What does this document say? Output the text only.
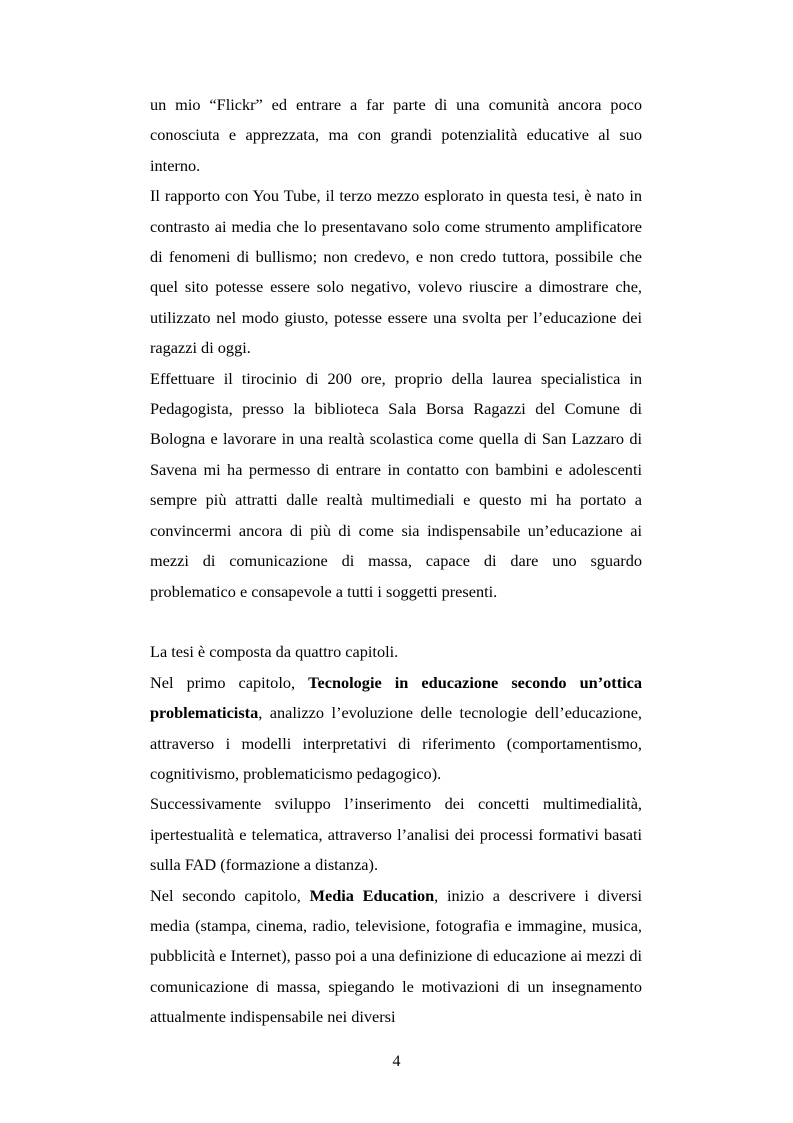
un mio “Flickr” ed entrare a far parte di una comunità ancora poco conosciuta e apprezzata, ma con grandi potenzialità educative al suo interno.

Il rapporto con You Tube, il terzo mezzo esplorato in questa tesi, è nato in contrasto ai media che lo presentavano solo come strumento amplificatore di fenomeni di bullismo; non credevo, e non credo tuttora, possibile che quel sito potesse essere solo negativo, volevo riuscire a dimostrare che, utilizzato nel modo giusto, potesse essere una svolta per l’educazione dei ragazzi di oggi.

Effettuare il tirocinio di 200 ore, proprio della laurea specialistica in Pedagogista, presso la biblioteca Sala Borsa Ragazzi del Comune di Bologna e lavorare in una realtà scolastica come quella di San Lazzaro di Savena mi ha permesso di entrare in contatto con bambini e adolescenti sempre più attratti dalle realtà multimediali e questo mi ha portato a convincermi ancora di più di come sia indispensabile un’educazione ai mezzi di comunicazione di massa, capace di dare uno sguardo problematico e consapevole a tutti i soggetti presenti.

La tesi è composta da quattro capitoli.

Nel primo capitolo, Tecnologie in educazione secondo un’ottica problematicista, analizzo l’evoluzione delle tecnologie dell’educazione, attraverso i modelli interpretativi di riferimento (comportamentismo, cognitivismo, problematicismo pedagogico).

Successivamente sviluppo l’inserimento dei concetti multimedialità, ipertestualità e telematica, attraverso l’analisi dei processi formativi basati sulla FAD (formazione a distanza).

Nel secondo capitolo, Media Education, inizio a descrivere i diversi media (stampa, cinema, radio, televisione, fotografia e immagine, musica, pubblicità e Internet), passo poi a una definizione di educazione ai mezzi di comunicazione di massa, spiegando le motivazioni di un insegnamento attualmente indispensabile nei diversi

4
